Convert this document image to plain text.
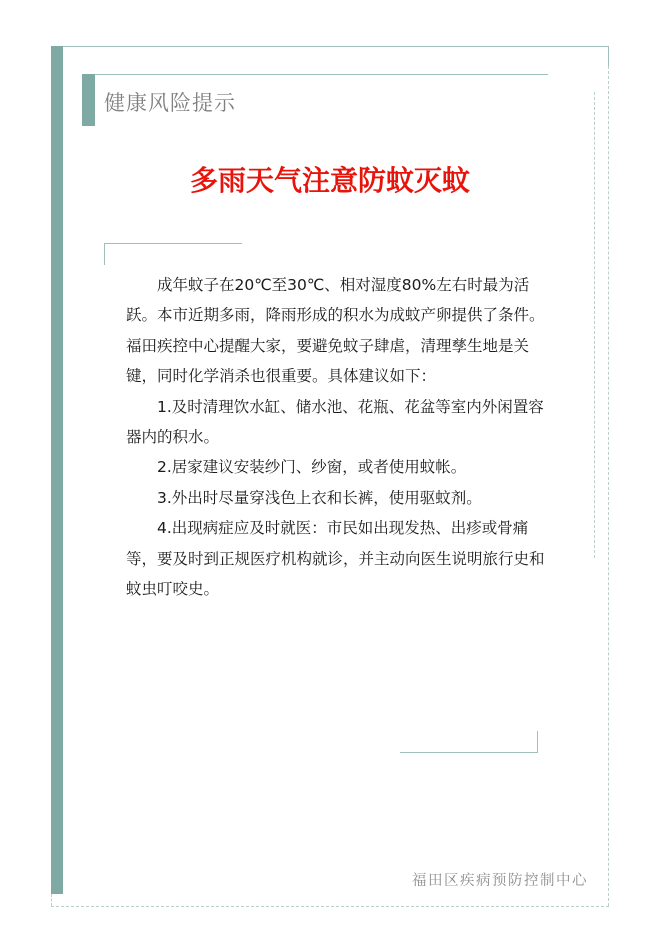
健康风险提示
多雨天气注意防蚊灭蚊

成年蚊子在20℃至30℃、相对湿度80%左右时最为活跃。本市近期多雨，降雨形成的积水为成蚊产卵提供了条件。福田疾控中心提醒大家，要避免蚊子肆虐，清理孳生地是关键，同时化学消杀也很重要。具体建议如下：

1.及时清理饮水缸、储水池、花瓶、花盆等室内外闲置容器内的积水。

2.居家建议安装纱门、纱窗，或者使用蚊帐。

3.外出时尽量穿浅色上衣和长裤，使用驱蚊剂。

4.出现病症应及时就医：市民如出现发热、出疹或骨痛等，要及时到正规医疗机构就诊，并主动向医生说明旅行史和蚊虫叮咬史。

福田区疾病预防控制中心
